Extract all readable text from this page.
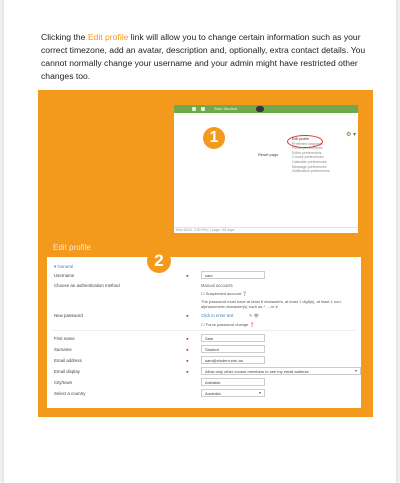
Clicking the Edit profile link will allow you to change certain information such as your correct timezone, add an avatar, description and, optionally, extra contact details. You cannot normally change your username and your admin might have restricted other changes too.

Sam Student
1	⚙ ▾
Reset page
Edit profile
Preferred language
Forum preferences
Editor preferences
Course preferences
Calendar preferences
Message preferences
Notification preferences
Mon 18:00, 2:00 PM | 1 page / 48 days
Edit profile
2
▾ General
Username	●	sam
Choose an authentication method	Manual accounts
☐ Suspended account ❓
The password must have at least 8 characters, at least 1 digit(s), at least 1 non-alphanumeric character(s) such as *, -, or #
New password	●	Click to enter text	✎ 👁
☐ Force password change ❓
First name	●	Sam
Surname	●	Student
Email address	●	sam@student.edu.au
Email display	●	Allow only other course members to see my email address	▾
City/town	Adelaide
Select a country	Australia	▾
